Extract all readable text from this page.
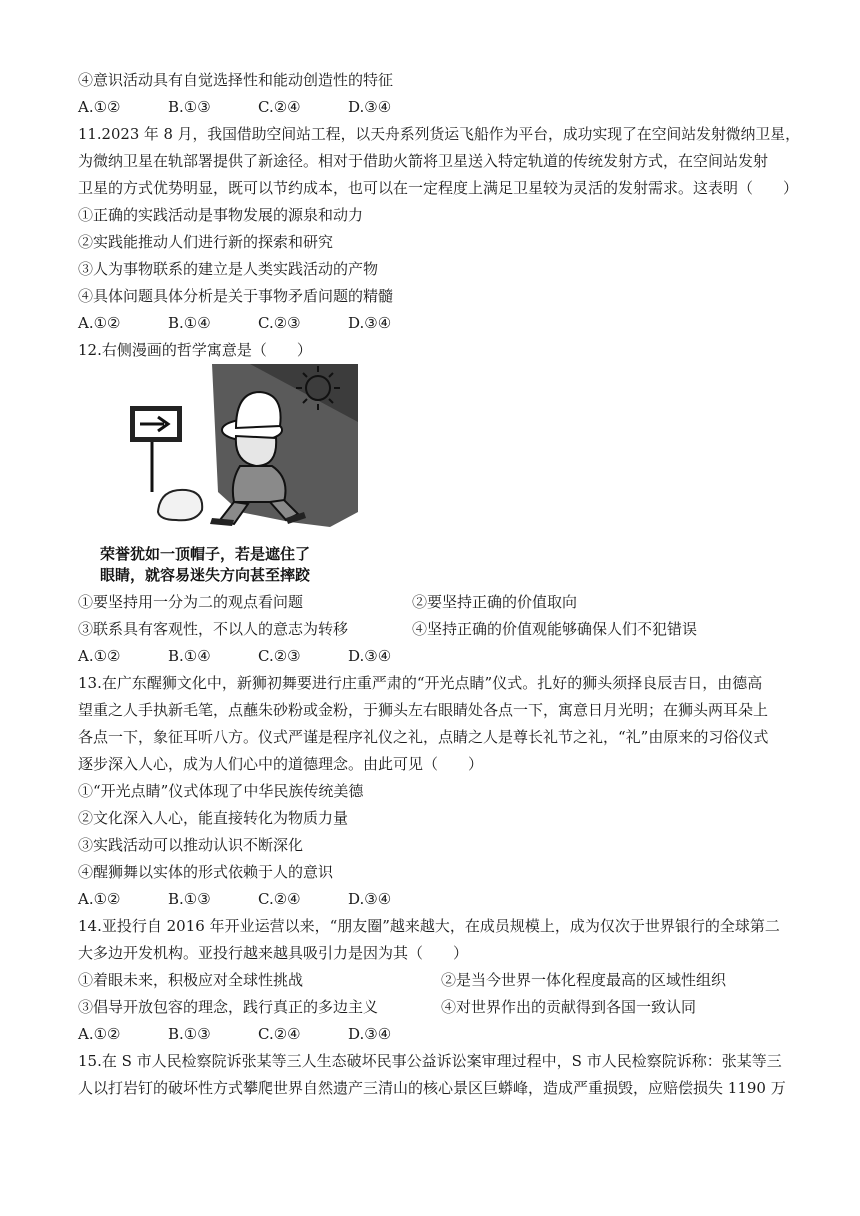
④意识活动具有自觉选择性和能动创造性的特征
A.①②	B.①③	C.②④	D.③④
11.2023 年 8 月，我国借助空间站工程，以天舟系列货运飞船作为平台，成功实现了在空间站发射微纳卫星，
为微纳卫星在轨部署提供了新途径。相对于借助火箭将卫星送入特定轨道的传统发射方式，在空间站发射
卫星的方式优势明显，既可以节约成本，也可以在一定程度上满足卫星较为灵活的发射需求。这表明（　　）
①正确的实践活动是事物发展的源泉和动力
②实践能推动人们进行新的探索和研究
③人为事物联系的建立是人类实践活动的产物
④具体问题具体分析是关于事物矛盾问题的精髓
A.①②	B.①④	C.②③	D.③④
12.右侧漫画的哲学寓意是（　　）
荣誉犹如一顶帽子，若是遮住了
眼睛，就容易迷失方向甚至摔跤
①要坚持用一分为二的观点看问题	②要坚持正确的价值取向
③联系具有客观性，不以人的意志为转移	④坚持正确的价值观能够确保人们不犯错误
A.①②	B.①④	C.②③	D.③④
13.在广东醒狮文化中，新狮初舞要进行庄重严肃的“开光点睛”仪式。扎好的狮头须择良辰吉日，由德高
望重之人手执新毛笔，点蘸朱砂粉或金粉，于狮头左右眼睛处各点一下，寓意日月光明；在狮头两耳朵上
各点一下，象征耳听八方。仪式严谨是程序礼仪之礼，点睛之人是尊长礼节之礼，“礼”由原来的习俗仪式
逐步深入人心，成为人们心中的道德理念。由此可见（　　）
①“开光点睛”仪式体现了中华民族传统美德
②文化深入人心，能直接转化为物质力量
③实践活动可以推动认识不断深化
④醒狮舞以实体的形式依赖于人的意识
A.①②	B.①③	C.②④	D.③④
14.亚投行自 2016 年开业运营以来，“朋友圈”越来越大，在成员规模上，成为仅次于世界银行的全球第二
大多边开发机构。亚投行越来越具吸引力是因为其（　　）
①着眼未来，积极应对全球性挑战	②是当今世界一体化程度最高的区域性组织
③倡导开放包容的理念，践行真正的多边主义	④对世界作出的贡献得到各国一致认同
A.①②	B.①③	C.②④	D.③④
15.在 S 市人民检察院诉张某等三人生态破坏民事公益诉讼案审理过程中，S 市人民检察院诉称：张某等三
人以打岩钉的破坏性方式攀爬世界自然遗产三清山的核心景区巨蟒峰，造成严重损毁，应赔偿损失 1190 万
